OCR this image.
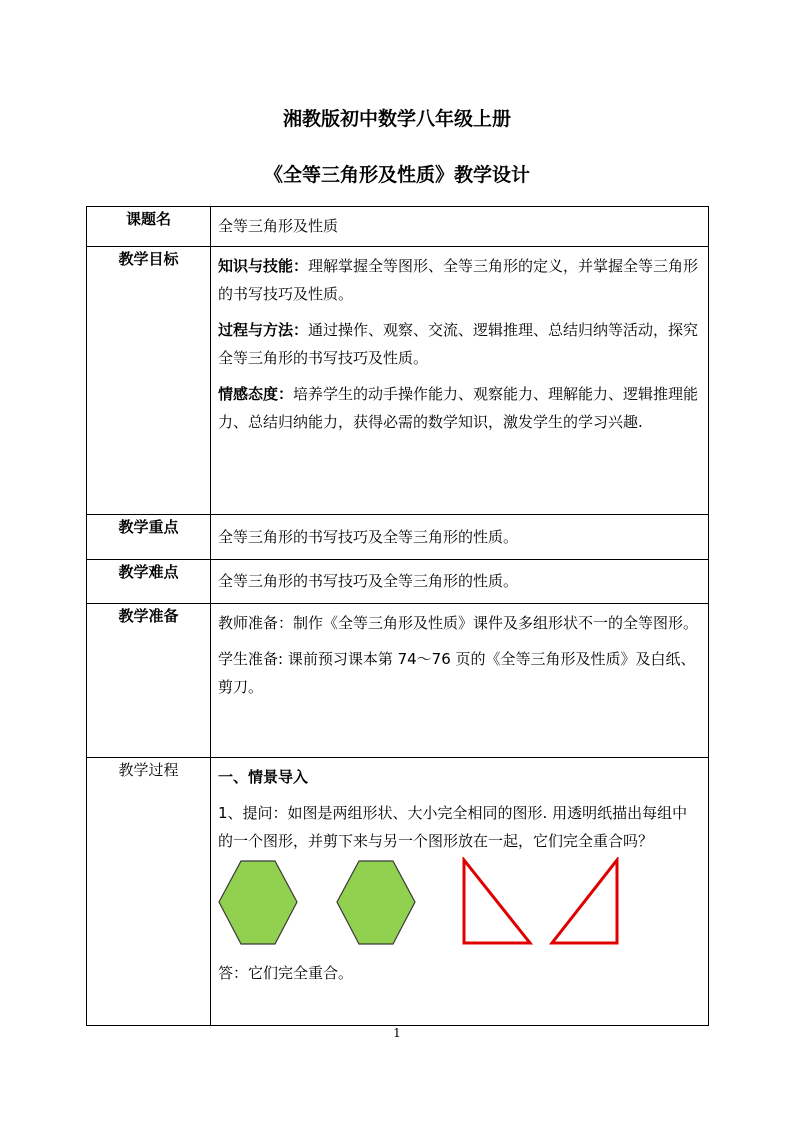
湘教版初中数学八年级上册
《全等三角形及性质》教学设计
课题名	全等三角形及性质
教学目标	知识与技能：理解掌握全等图形、全等三角形的定义，并掌握全等三角形的书写技巧及性质。

过程与方法：通过操作、观察、交流、逻辑推理、总结归纳等活动，探究全等三角形的书写技巧及性质。

情感态度：培养学生的动手操作能力、观察能力、理解能力、逻辑推理能力、总结归纳能力，获得必需的数学知识，激发学生的学习兴趣.

教学重点	全等三角形的书写技巧及全等三角形的性质。
教学难点	全等三角形的书写技巧及全等三角形的性质。
教学准备	教师准备：制作《全等三角形及性质》课件及多组形状不一的全等图形。

学生准备: 课前预习课本第 74～76 页的《全等三角形及性质》及白纸、剪刀。

教学过程	一、情景导入

1、提问：如图是两组形状、大小完全相同的图形. 用透明纸描出每组中的一个图形，并剪下来与另一个图形放在一起，它们完全重合吗？

答：它们完全重合。

1
